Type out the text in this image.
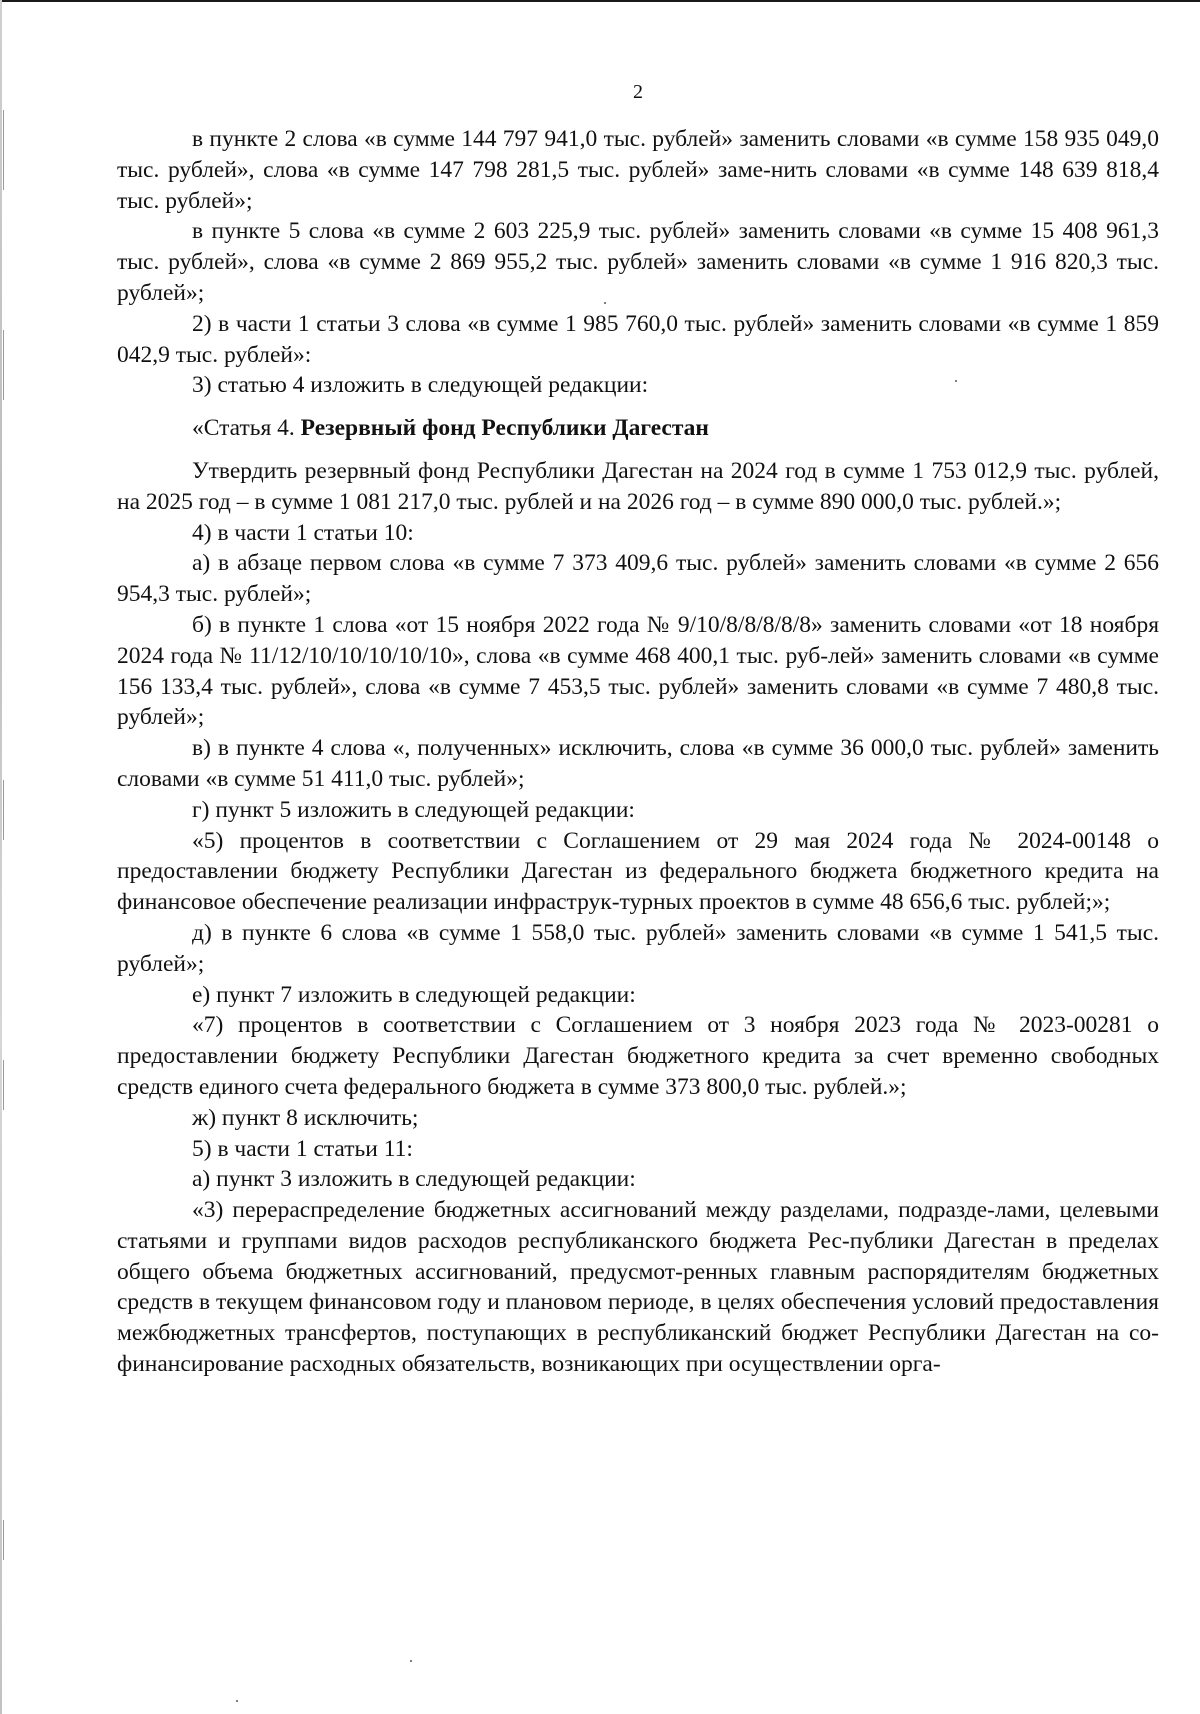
2

в пункте 2 слова «в сумме 144 797 941,0 тыс. рублей» заменить словами «в сумме 158 935 049,0 тыс. рублей», слова «в сумме 147 798 281,5 тыс. рублей» заме-нить словами «в сумме 148 639 818,4 тыс. рублей»;

в пункте 5 слова «в сумме 2 603 225,9 тыс. рублей» заменить словами «в сумме 15 408 961,3 тыс. рублей», слова «в сумме 2 869 955,2 тыс. рублей» заменить словами «в сумме 1 916 820,3 тыс. рублей»;

2) в части 1 статьи 3 слова «в сумме 1 985 760,0 тыс. рублей» заменить словами «в сумме 1 859 042,9 тыс. рублей»:

3) статью 4 изложить в следующей редакции:

«Статья 4. Резервный фонд Республики Дагестан

Утвердить резервный фонд Республики Дагестан на 2024 год в сумме 1 753 012,9 тыс. рублей, на 2025 год – в сумме 1 081 217,0 тыс. рублей и на 2026 год – в сумме 890 000,0 тыс. рублей.»;

4) в части 1 статьи 10:

а) в абзаце первом слова «в сумме 7 373 409,6 тыс. рублей» заменить словами «в сумме 2 656 954,3 тыс. рублей»;

б) в пункте 1 слова «от 15 ноября 2022 года № 9/10/8/8/8/8/8» заменить словами «от 18 ноября 2024 года № 11/12/10/10/10/10/10», слова «в сумме 468 400,1 тыс. руб-лей» заменить словами «в сумме 156 133,4 тыс. рублей», слова «в сумме 7 453,5 тыс. рублей» заменить словами «в сумме 7 480,8 тыс. рублей»;

в) в пункте 4 слова «, полученных» исключить, слова «в сумме 36 000,0 тыс. рублей» заменить словами «в сумме 51 411,0 тыс. рублей»;

г) пункт 5 изложить в следующей редакции:

«5) процентов в соответствии с Соглашением от 29 мая 2024 года № 2024-00148 о предоставлении бюджету Республики Дагестан из федерального бюджета бюджетного кредита на финансовое обеспечение реализации инфраструк-турных проектов в сумме 48 656,6 тыс. рублей;»;

д) в пункте 6 слова «в сумме 1 558,0 тыс. рублей» заменить словами «в сумме 1 541,5 тыс. рублей»;

е) пункт 7 изложить в следующей редакции:

«7) процентов в соответствии с Соглашением от 3 ноября 2023 года № 2023-00281 о предоставлении бюджету Республики Дагестан бюджетного кредита за счет временно свободных средств единого счета федерального бюджета в сумме 373 800,0 тыс. рублей.»;

ж) пункт 8 исключить;

5) в части 1 статьи 11:

а) пункт 3 изложить в следующей редакции:

«3) перераспределение бюджетных ассигнований между разделами, подразде-лами, целевыми статьями и группами видов расходов республиканского бюджета Рес-публики Дагестан в пределах общего объема бюджетных ассигнований, предусмот-ренных главным распорядителям бюджетных средств в текущем финансовом году и плановом периоде, в целях обеспечения условий предоставления межбюджетных трансфертов, поступающих в республиканский бюджет Республики Дагестан на со-финансирование расходных обязательств, возникающих при осуществлении орга-
